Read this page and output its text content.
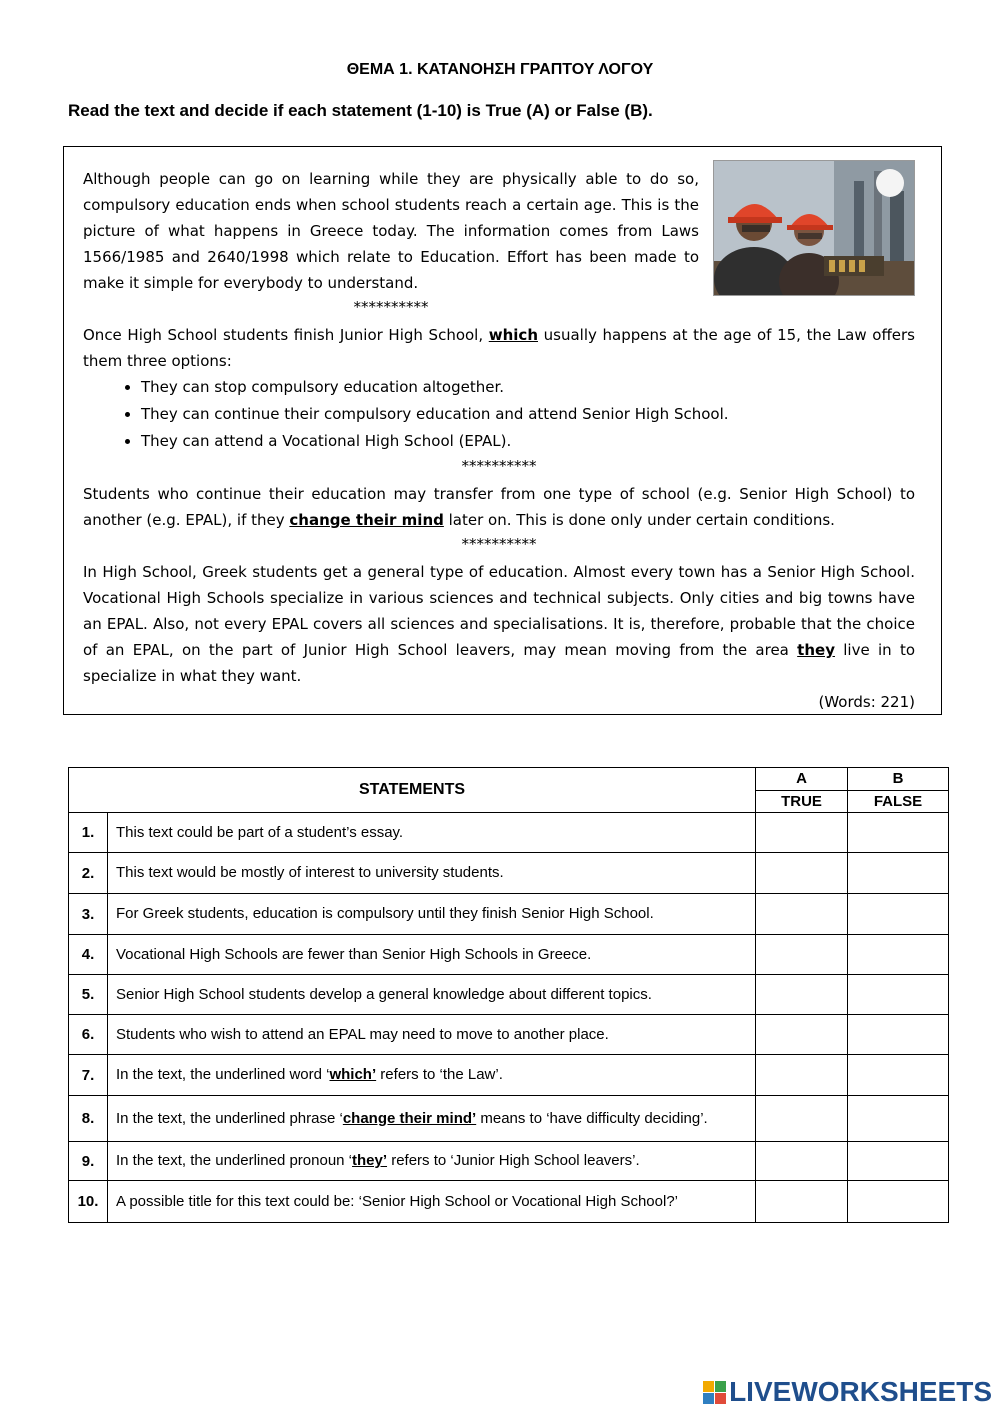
ΘΕΜΑ 1. ΚΑΤΑΝΟΗΣΗ ΓΡΑΠΤΟΥ ΛΟΓΟΥ
Read the text and decide if each statement (1-10) is True (A) or False (B).

Although people can go on learning while they are physically able to do so, compulsory education ends when school students reach a certain age. This is the picture of what happens in Greece today. The information comes from Laws 1566/1985 and 2640/1998 which relate to Education. Effort has been made to make it simple for everybody to understand.

**********

Once High School students finish Junior High School, which usually happens at the age of 15, the Law offers them three options:

• They can stop compulsory education altogether.
• They can continue their compulsory education and attend Senior High School.
• They can attend a Vocational High School (EPAL).
**********

Students who continue their education may transfer from one type of school (e.g. Senior High School) to another (e.g. EPAL), if they change their mind later on. This is done only under certain conditions.

**********

In High School, Greek students get a general type of education. Almost every town has a Senior High School. Vocational High Schools specialize in various sciences and technical subjects. Only cities and big towns have an EPAL. Also, not every EPAL covers all sciences and specialisations. It is, therefore, probable that the choice of an EPAL, on the part of Junior High School leavers, may mean moving from the area they live in to specialize in what they want.

(Words: 221)
STATEMENTS		A	B
		TRUE	FALSE
1.	This text could be part of a student’s essay.		
2.	This text would be mostly of interest to university students.		
3.	For Greek students, education is compulsory until they finish Senior High School.		
4.	Vocational High Schools are fewer than Senior High Schools in Greece.		
5.	Senior High School students develop a general knowledge about different topics.		
6.	Students who wish to attend an EPAL may need to move to another place.		
7.	In the text, the underlined word ‘which’ refers to ‘the Law’.		
8.	In the text, the underlined phrase ‘change their mind’ means to ‘have difficulty deciding’.		
9.	In the text, the underlined pronoun ‘they’ refers to ‘Junior High School leavers’.		
10.	A possible title for this text could be: ‘Senior High School or Vocational High School?’		
LIVEWORKSHEETS
